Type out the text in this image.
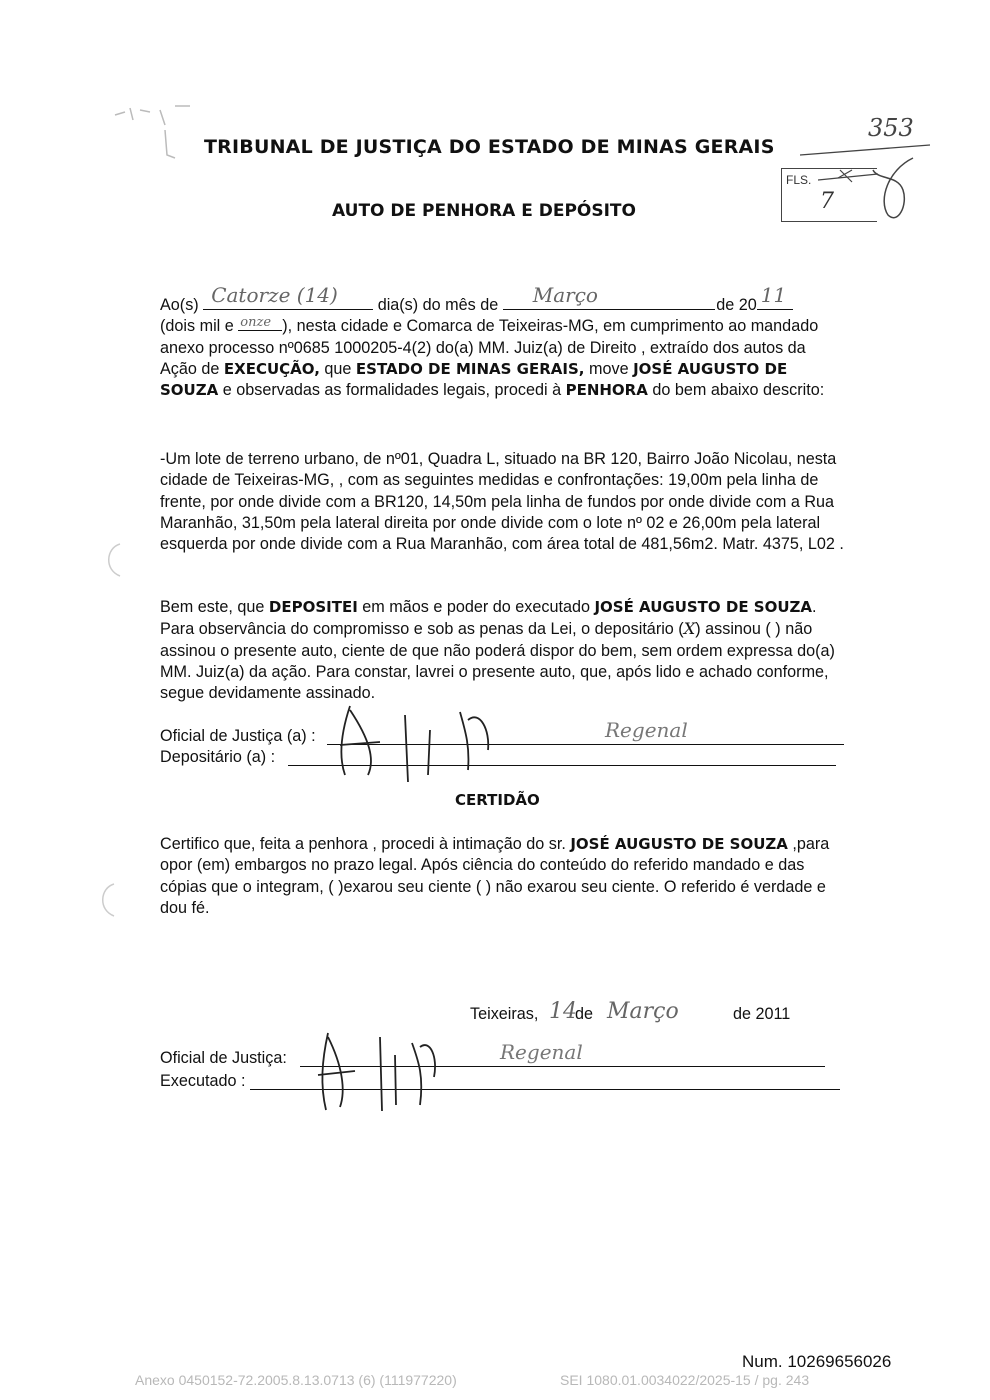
TRIBUNAL DE JUSTIÇA DO ESTADO DE MINAS GERAIS
353
FLS.
7
AUTO DE PENHORA E DEPÓSITO
Ao(s) Catorze (14) dia(s) do mês de Março	de 20 11

(dois mil e onze ), nesta cidade e Comarca de Teixeiras-MG, em cumprimento ao mandado anexo processo nº0685 1000205-4(2) do(a) MM. Juiz(a) de Direito , extraído dos autos da Ação de EXECUÇÃO, que ESTADO DE MINAS GERAIS, move JOSÉ AUGUSTO DE SOUZA e observadas as formalidades legais, procedi à PENHORA do bem abaixo descrito:

-Um lote de terreno urbano, de nº01, Quadra L, situado na BR 120, Bairro João Nicolau, nesta cidade de Teixeiras-MG, , com as seguintes medidas e confrontações: 19,00m pela linha de frente, por onde divide com a BR120, 14,50m pela linha de fundos por onde divide com a Rua Maranhão, 31,50m pela lateral direita por onde divide com o lote nº 02 e 26,00m pela lateral esquerda por onde divide com a Rua Maranhão, com área total de 481,56m2. Matr. 4375, L02 .

Bem este, que DEPOSITEI em mãos e poder do executado JOSÉ AUGUSTO DE SOUZA. Para observância do compromisso e sob as penas da Lei, o depositário (X) assinou ( ) não assinou o presente auto, ciente de que não poderá dispor do bem, sem ordem expressa do(a) MM. Juiz(a) da ação. Para constar, lavrei o presente auto, que, após lido e achado conforme, segue devidamente assinado.
Oficial de Justiça (a) :
Depositário (a) :
Regenal
CERTIDÃO
Certifico que, feita a penhora , procedi à intimação do sr. JOSÉ AUGUSTO DE SOUZA ,para opor (em) embargos no prazo legal. Após ciência do conteúdo do referido mandado e das cópias que o integram, ( )exarou seu ciente ( ) não exarou seu ciente. O referido é verdade e dou fé.
Teixeiras, 14
de Março	de 2011
Oficial de Justiça:
Executado :
Regenal
Num. 10269656026
Anexo 0450152-72.2005.8.13.0713 (6) (111977220)	SEI 1080.01.0034022/2025-15 / pg. 243
